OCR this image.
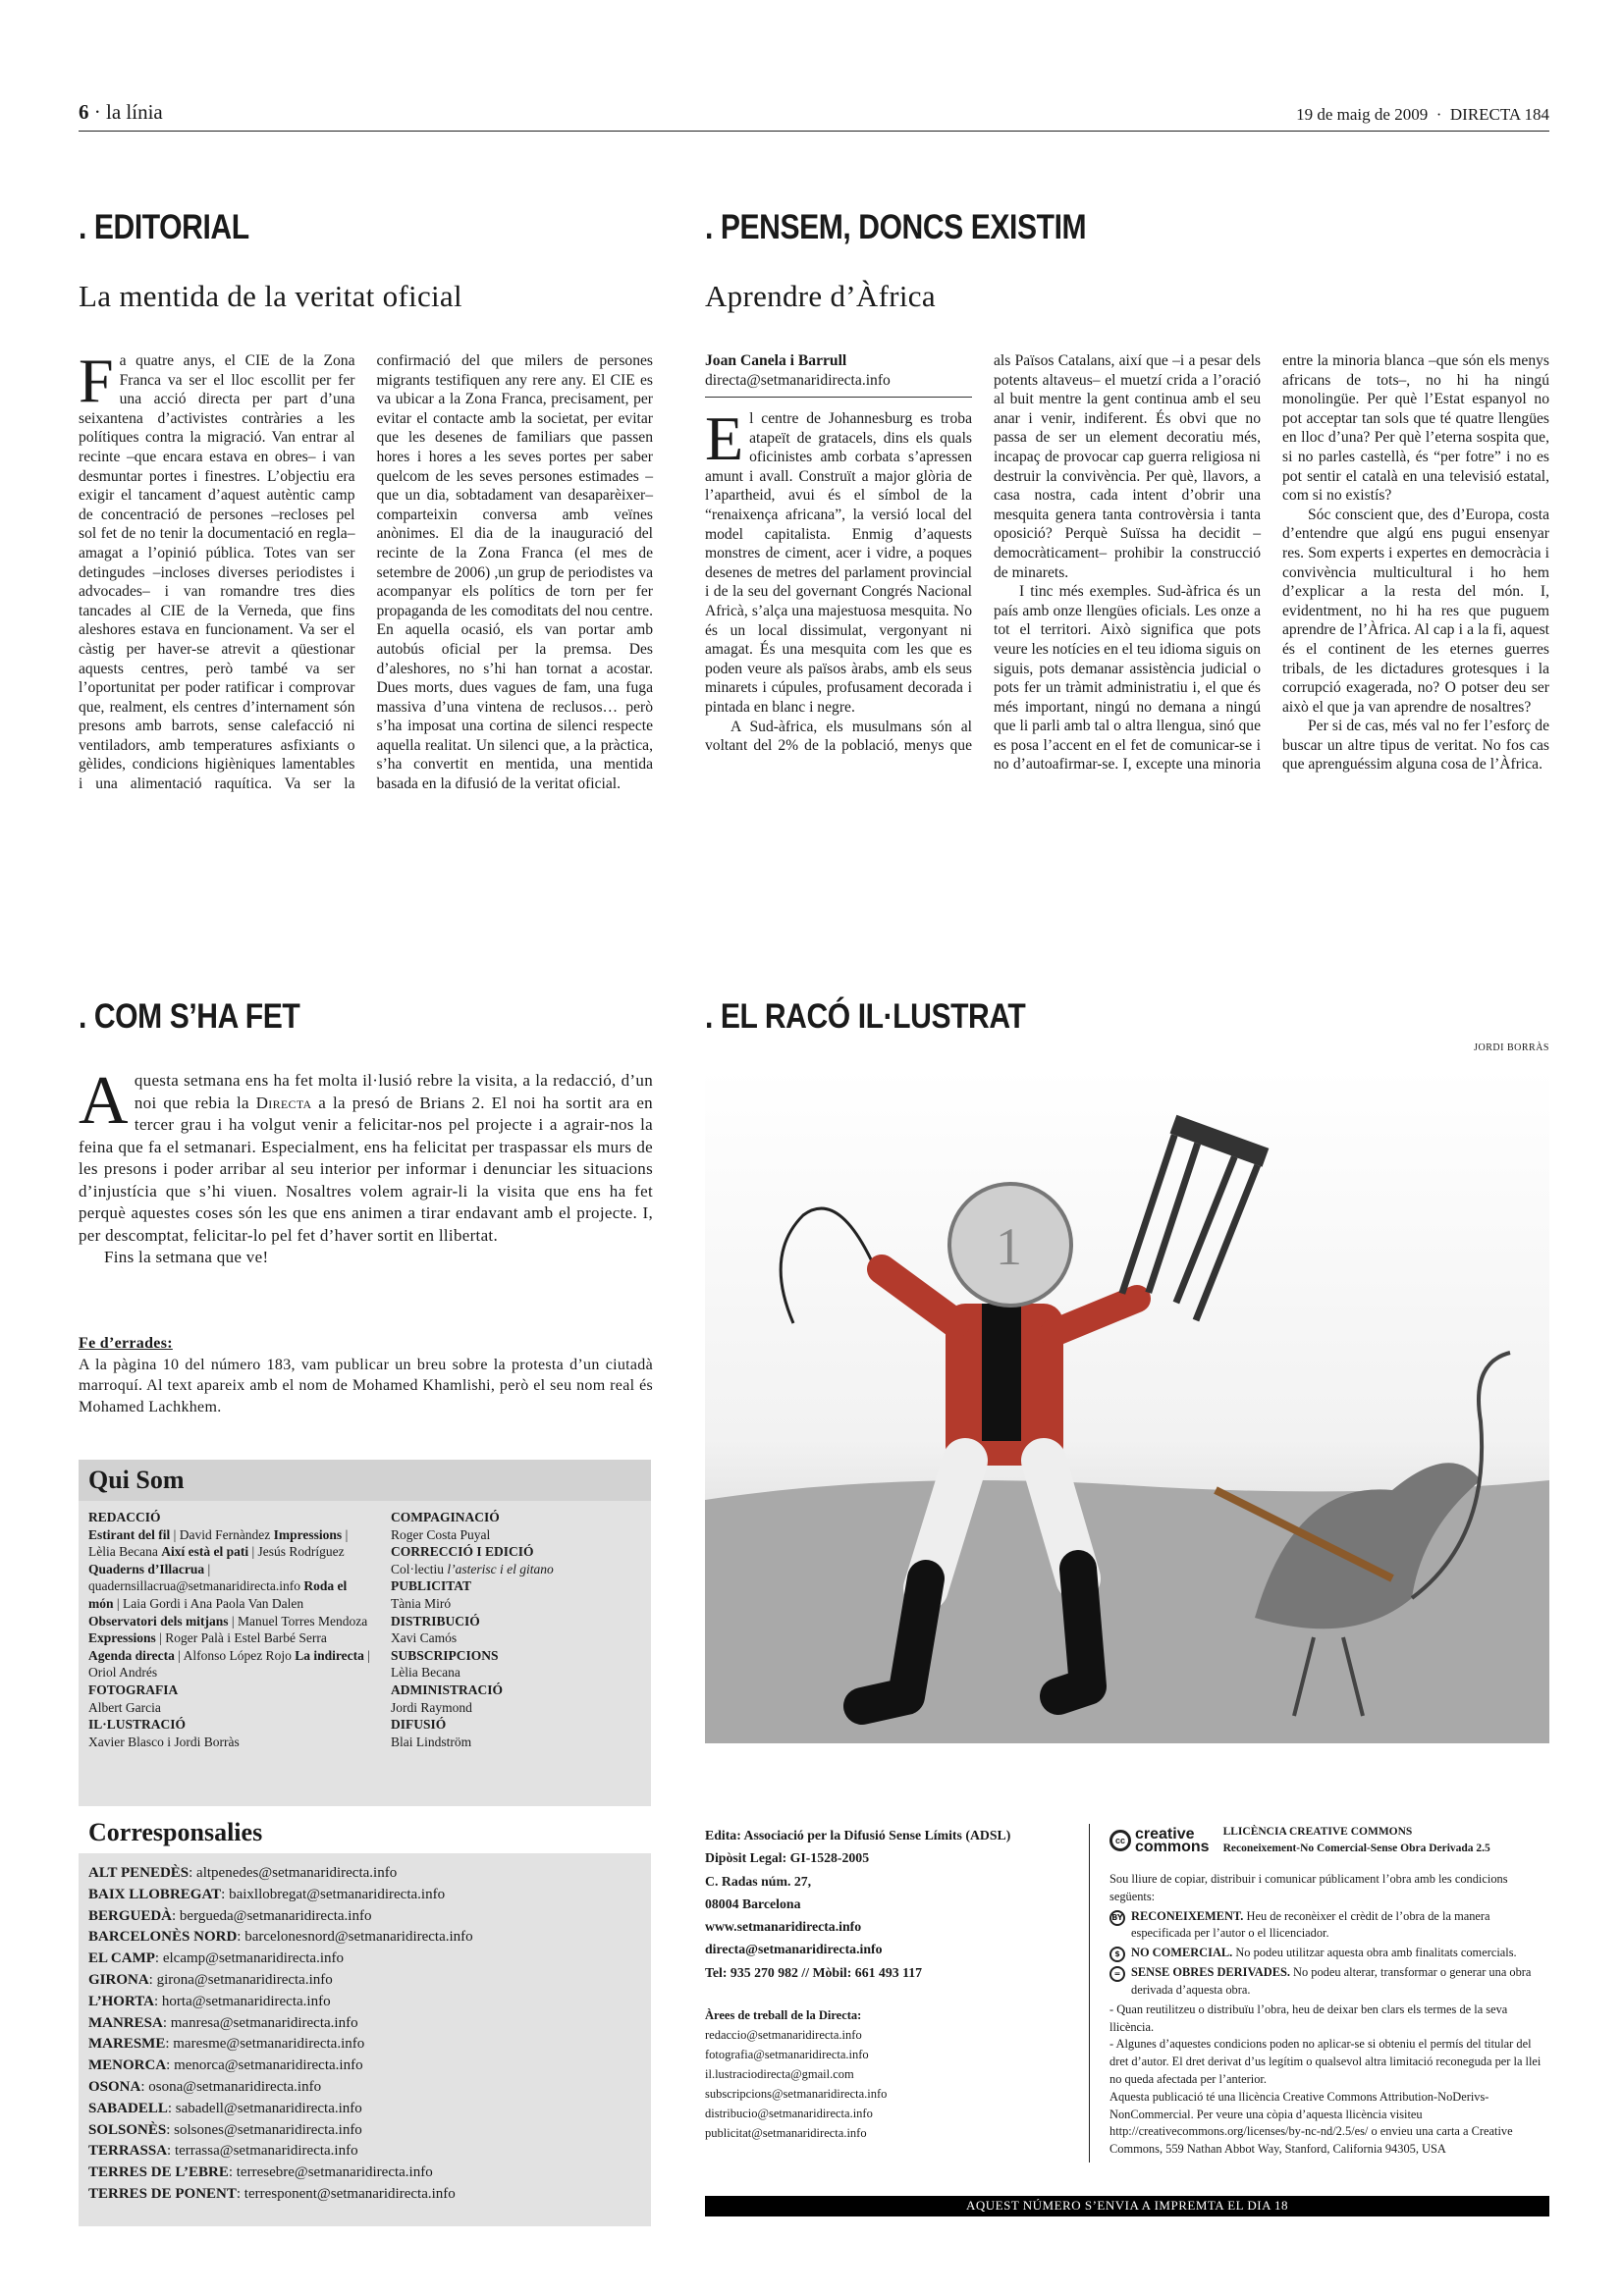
6 · la línia	19 de maig de 2009 · DIRECTA 184
. EDITORIAL
La mentida de la veritat oficial

Fa quatre anys, el CIE de la Zona Franca va ser el lloc escollit per fer una acció directa per part d’una seixantena d’activistes contràries a les polítiques contra la migració. Van entrar al recinte –que encara estava en obres– i van desmuntar portes i finestres. L’objectiu era exigir el tancament d’aquest autèntic camp de concentració de persones –recloses pel sol fet de no tenir la documentació en regla– amagat a l’opinió pública. Totes van ser detingudes –incloses diverses periodistes i advocades– i van romandre tres dies tancades al CIE de la Verneda, que fins aleshores estava en funcionament. Va ser el càstig per haver-se atrevit a qüestionar aquests centres, però també va ser l’oportunitat per poder ratificar i comprovar que, realment, els centres d’internament són presons amb barrots, sense calefacció ni ventiladors, amb temperatures asfixiants o gèlides, condicions higièniques lamentables i una alimentació raquítica. Va ser la confirmació del que milers de persones migrants testifiquen any rere any. El CIE es va ubicar a la Zona Franca, precisament, per evitar el contacte amb la societat, per evitar que les desenes de familiars que passen hores i hores a les seves portes per saber quelcom de les seves persones estimades –que un dia, sobtadament van desaparèixer– comparteixin conversa amb veïnes anònimes. El dia de la inauguració del recinte de la Zona Franca (el mes de setembre de 2006) ,un grup de periodistes va acompanyar els polítics de torn per fer propaganda de les comoditats del nou centre. En aquella ocasió, els van portar amb autobús oficial per la premsa. Des d’aleshores, no s’hi han tornat a acostar. Dues morts, dues vagues de fam, una fuga massiva d’una vintena de reclusos… però s’ha imposat una cortina de silenci respecte aquella realitat. Un silenci que, a la pràctica, s’ha convertit en mentida, una mentida basada en la difusió de la veritat oficial.

. PENSEM, DONCS EXISTIM
Aprendre d’Àfrica
Joan Canela i Barrull
directa@setmanaridirecta.info

El centre de Johannesburg es troba atapeït de gratacels, dins els quals oficinistes amb corbata s’apressen amunt i avall. Construït a major glòria de l’apartheid, avui és el símbol de la “renaixença africana”, la versió local del model capitalista. Enmig d’aquests monstres de ciment, acer i vidre, a poques desenes de metres del parlament provincial i de la seu del governant Congrés Nacional Africà, s’alça una majestuosa mesquita. No és un local dissimulat, vergonyant ni amagat. És una mesquita com les que es poden veure als països àrabs, amb els seus minarets i cúpules, profusament decorada i pintada en blanc i negre.

A Sud-àfrica, els musulmans són al voltant del 2% de la població, menys que als Països Catalans, així que –i a pesar dels potents altaveus– el muetzí crida a l’oració al buit mentre la gent continua amb el seu anar i venir, indiferent. És obvi que no passa de ser un element decoratiu més, incapaç de provocar cap guerra religiosa ni destruir la convivència. Per què, llavors, a casa nostra, cada intent d’obrir una mesquita genera tanta controvèrsia i tanta oposició? Perquè Suïssa ha decidit –democràticament– prohibir la construcció de minarets.

I tinc més exemples. Sud-àfrica és un país amb onze llengües oficials. Les onze a tot el territori. Això significa que pots veure les notícies en el teu idioma siguis on siguis, pots demanar assistència judicial o pots fer un tràmit administratiu i, el que és més important, ningú no demana a ningú que li parli amb tal o altra llengua, sinó que es posa l’accent en el fet de comunicar-se i no d’autoafirmar-se. I, excepte una minoria entre la minoria blanca –que són els menys africans de tots–, no hi ha ningú monolingüe. Per què l’Estat espanyol no pot acceptar tan sols que té quatre llengües en lloc d’una? Per què l’eterna sospita que, si no parles castellà, és “per fotre” i no es pot sentir el català en una televisió estatal, com si no existís?

Sóc conscient que, des d’Europa, costa d’entendre que algú ens pugui ensenyar res. Som experts i expertes en democràcia i convivència multicultural i ho hem d’explicar a la resta del món. I, evidentment, no hi ha res que puguem aprendre de l’Àfrica. Al cap i a la fi, aquest és el continent de les eternes guerres tribals, de les dictadures grotesques i la corrupció exagerada, no? O potser deu ser això el que ja van aprendre de nosaltres?

Per si de cas, més val no fer l’esforç de buscar un altre tipus de veritat. No fos cas que aprenguéssim alguna cosa de l’Àfrica.

. COM S’HA FET

Aquesta setmana ens ha fet molta il·lusió rebre la visita, a la redacció, d’un noi que rebia la Directa a la presó de Brians 2. El noi ha sortit ara en tercer grau i ha volgut venir a felicitar-nos pel projecte i a agrair-nos la feina que fa el setmanari. Especialment, ens ha felicitat per traspassar els murs de les presons i poder arribar al seu interior per informar i denunciar les situacions d’injustícia que s’hi viuen. Nosaltres volem agrair-li la visita que ens ha fet perquè aquestes coses són les que ens animen a tirar endavant amb el projecte. I, per descomptat, felicitar-lo pel fet d’haver sortit en llibertat.

Fins la setmana que ve!

Fe d’errades:

A la pàgina 10 del número 183, vam publicar un breu sobre la protesta d’un ciutadà marroquí. Al text apareix amb el nom de Mohamed Khamlishi, però el seu nom real és Mohamed Lachkhem.

. EL RACÓ IL·LUSTRAT
JORDI BORRÀS
1
Qui Som
REDACCIÓ
Estirant del fil | David Fernàndez Impressions | Lèlia Becana Així està el pati | Jesús Rodríguez Quaderns d’Illacrua | quadernsillacrua@setmanaridirecta.info Roda el món | Laia Gordi i Ana Paola Van Dalen Observatori dels mitjans | Manuel Torres Mendoza Expressions | Roger Palà i Estel Barbé Serra Agenda directa | Alfonso López Rojo La indirecta | Oriol Andrés
FOTOGRAFIA
Albert Garcia
IL·LUSTRACIÓ
Xavier Blasco i Jordi Borràs
COMPAGINACIÓ
Roger Costa Puyal
CORRECCIÓ I EDICIÓ
Col·lectiu l’asterisc i el gitano
PUBLICITAT
Tània Miró
DISTRIBUCIÓ
Xavi Camós
SUBSCRIPCIONS
Lèlia Becana
ADMINISTRACIÓ
Jordi Raymond
DIFUSIÓ
Blai Lindström
Corresponsalies
ALT PENEDÈS: altpenedes@setmanaridirecta.info
BAIX LLOBREGAT: baixllobregat@setmanaridirecta.info
BERGUEDÀ: bergueda@setmanaridirecta.info
BARCELONÈS NORD: barcelonesnord@setmanaridirecta.info
EL CAMP: elcamp@setmanaridirecta.info
GIRONA: girona@setmanaridirecta.info
L’HORTA: horta@setmanaridirecta.info
MANRESA: manresa@setmanaridirecta.info
MARESME: maresme@setmanaridirecta.info
MENORCA: menorca@setmanaridirecta.info
OSONA: osona@setmanaridirecta.info
SABADELL: sabadell@setmanaridirecta.info
SOLSONÈS: solsones@setmanaridirecta.info
TERRASSA: terrassa@setmanaridirecta.info
TERRES DE L’EBRE: terresebre@setmanaridirecta.info
TERRES DE PONENT: terresponent@setmanaridirecta.info
Edita: Associació per la Difusió Sense Límits (ADSL)
Dipòsit Legal: GI-1528-2005
C. Radas núm. 27,
08004 Barcelona
www.setmanaridirecta.info
directa@setmanaridirecta.info
Tel: 935 270 982 // Mòbil: 661 493 117
Àrees de treball de la Directa:
redaccio@setmanaridirecta.info
fotografia@setmanaridirecta.info
il.lustraciodirecta@gmail.com
subscripcions@setmanaridirecta.info
distribucio@setmanaridirecta.info
publicitat@setmanaridirecta.info
cc creative
commons
LLICÈNCIA CREATIVE COMMONS
Reconeixement-No Comercial-Sense Obra Derivada 2.5
Sou lliure de copiar, distribuir i comunicar públicament l’obra amb les condicions següents:
BY RECONEIXEMENT. Heu de reconèixer el crèdit de l’obra de la manera especificada per l’autor o el llicenciador.
$ NO COMERCIAL. No podeu utilitzar aquesta obra amb finalitats comercials.
= SENSE OBRES DERIVADES. No podeu alterar, transformar o generar una obra derivada d’aquesta obra.
- Quan reutilitzeu o distribuïu l’obra, heu de deixar ben clars els termes de la seva llicència.
- Algunes d’aquestes condicions poden no aplicar-se si obteniu el permís del titular del dret d’autor. El dret derivat d’us legítim o qualsevol altra limitació reconeguda per la llei no queda afectada per l’anterior.
Aquesta publicació té una llicència Creative Commons Attribution-NoDerivs- NonCommercial. Per veure una còpia d’aquesta llicència visiteu http://creativecommons.org/licenses/by-nc-nd/2.5/es/ o envieu una carta a Creative Commons, 559 Nathan Abbot Way, Stanford, California 94305, USA
AQUEST NÚMERO S’ENVIA A IMPREMTA EL DIA 18
